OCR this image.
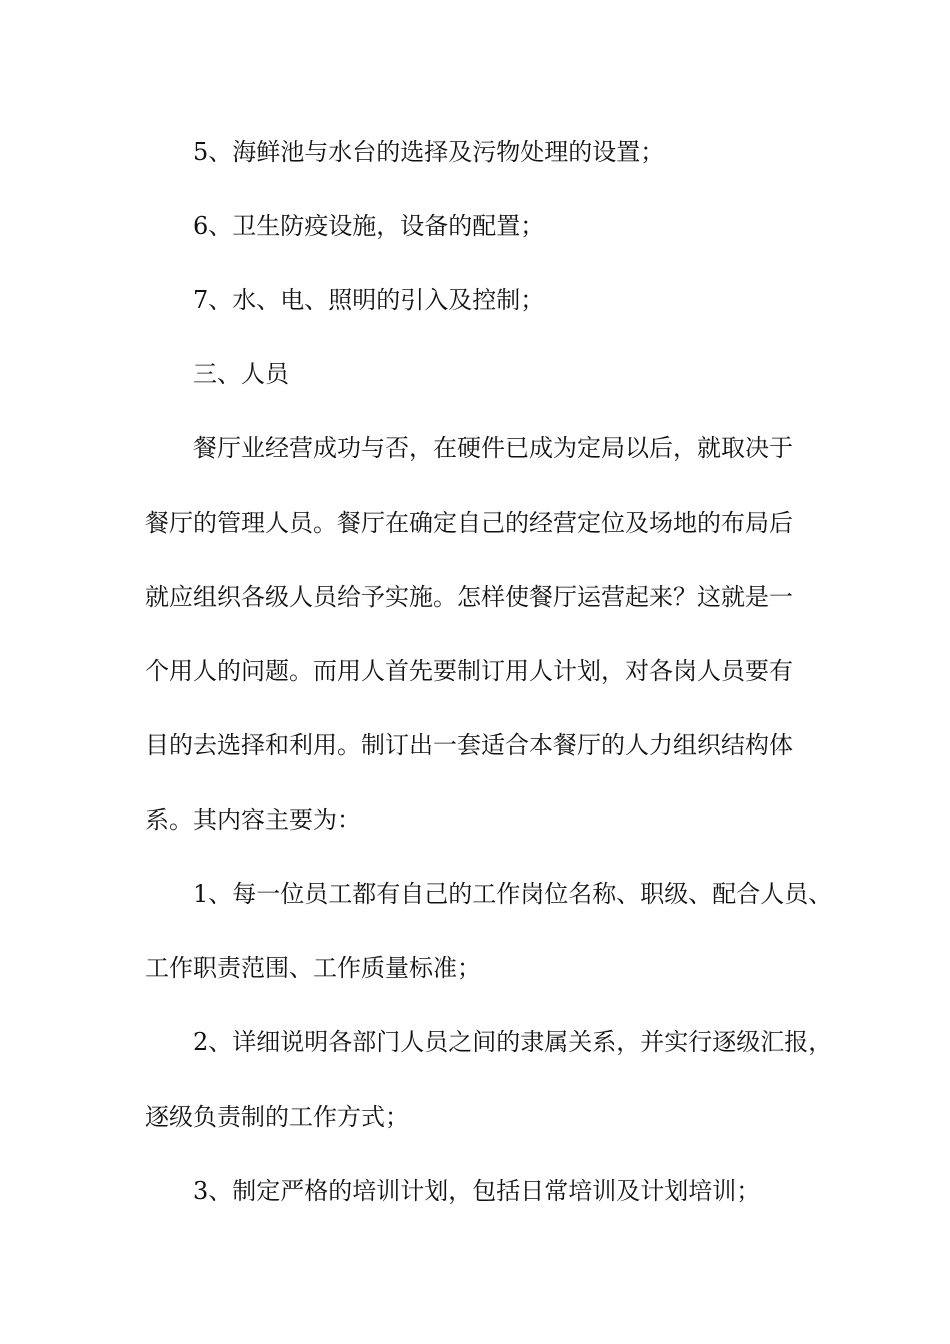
5、海鲜池与水台的选择及污物处理的设置；
6、卫生防疫设施，设备的配置；
7、水、电、照明的引入及控制；
三、人员
餐厅业经营成功与否，在硬件已成为定局以后，就取决于
餐厅的管理人员。餐厅在确定自己的经营定位及场地的布局后
就应组织各级人员给予实施。怎样使餐厅运营起来？这就是一
个用人的问题。而用人首先要制订用人计划，对各岗人员要有
目的去选择和利用。制订出一套适合本餐厅的人力组织结构体
系。其内容主要为：
1、每一位员工都有自己的工作岗位名称、职级、配合人员、
工作职责范围、工作质量标准；
2、详细说明各部门人员之间的隶属关系，并实行逐级汇报，
逐级负责制的工作方式；
3、制定严格的培训计划，包括日常培训及计划培训；
